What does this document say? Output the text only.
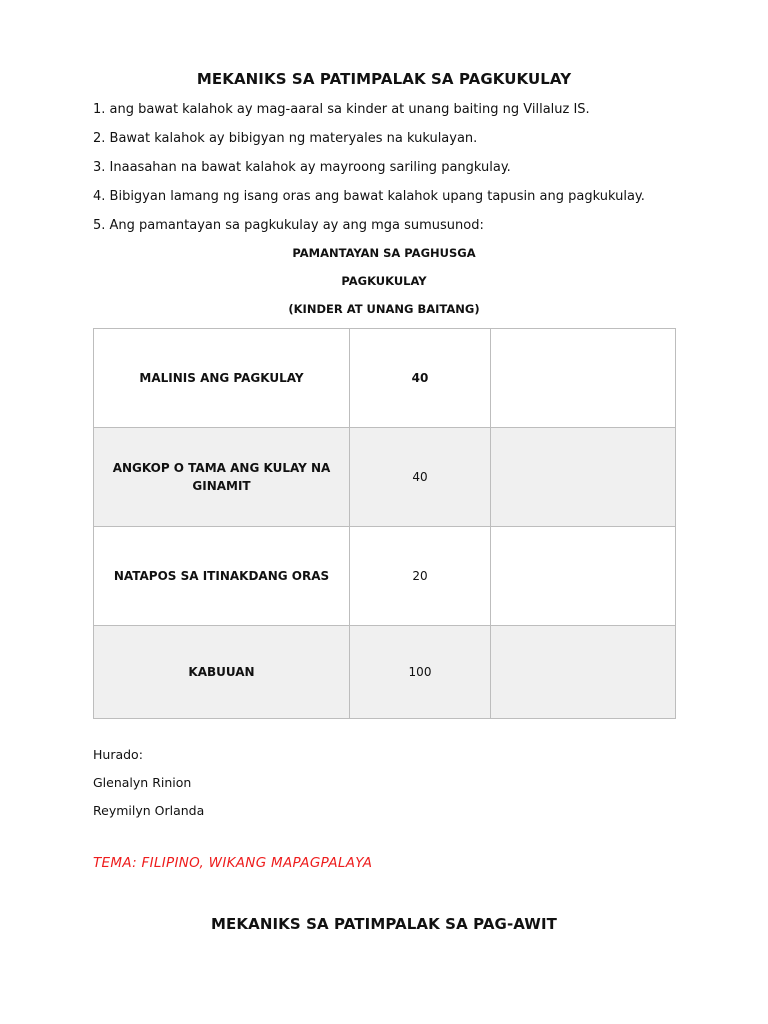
MEKANIKS SA PATIMPALAK SA PAGKUKULAY
1. ang bawat kalahok ay mag-aaral sa kinder at unang baiting ng Villaluz IS.
2. Bawat kalahok ay bibigyan ng materyales na kukulayan.
3. Inaasahan na bawat kalahok ay mayroong sariling pangkulay.
4. Bibigyan lamang ng isang oras ang bawat kalahok upang tapusin ang pagkukulay.
5. Ang pamantayan sa pagkukulay ay ang mga sumusunod:
PAMANTAYAN SA PAGHUSGA
PAGKUKULAY
(KINDER AT UNANG BAITANG)
MALINIS ANG PAGKULAY	40	
ANGKOP O TAMA ANG KULAY NA GINAMIT	40	
NATAPOS SA ITINAKDANG ORAS	20	
KABUUAN	100	
Hurado:
Glenalyn Rinion
Reymilyn Orlanda
TEMA: FILIPINO, WIKANG MAPAGPALAYA
MEKANIKS SA PATIMPALAK SA PAG-AWIT
